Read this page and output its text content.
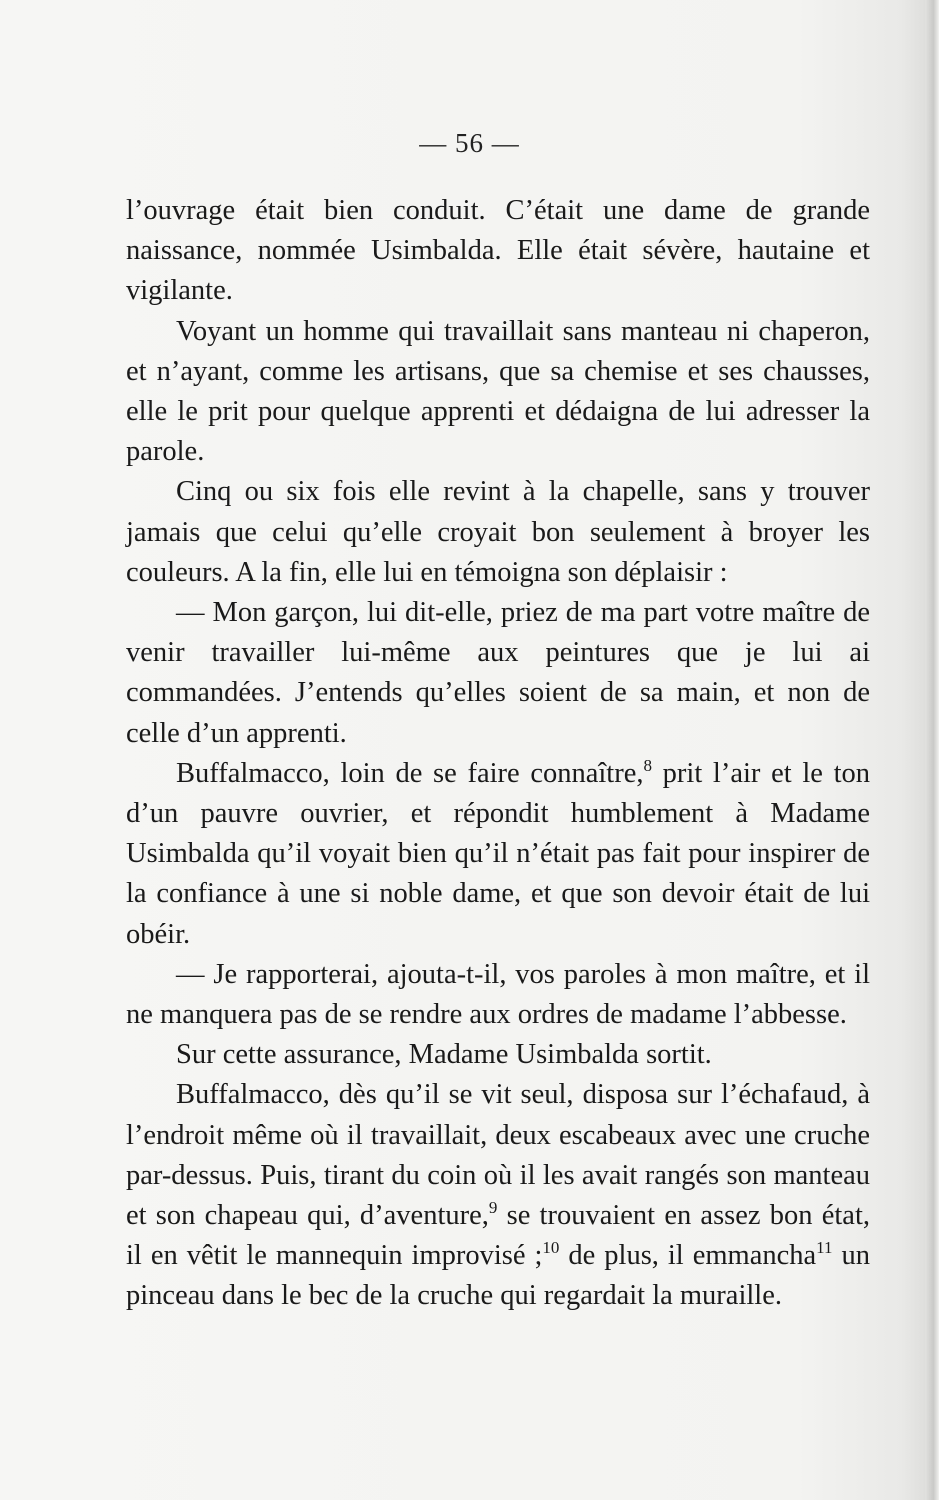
— 56 —

l’ouvrage était bien conduit. C’était une dame de grande naissance, nommée Usimbalda. Elle était sévère, hautaine et vigilante.

Voyant un homme qui travaillait sans manteau ni chaperon, et n’ayant, comme les artisans, que sa chemise et ses chausses, elle le prit pour quelque apprenti et dédaigna de lui adresser la parole.

Cinq ou six fois elle revint à la chapelle, sans y trouver jamais que celui qu’elle croyait bon seulement à broyer les couleurs. A la fin, elle lui en témoigna son déplaisir :

— Mon garçon, lui dit-elle, priez de ma part votre maître de venir travailler lui-même aux peintures que je lui ai commandées. J’entends qu’elles soient de sa main, et non de celle d’un apprenti.

Buffalmacco, loin de se faire connaître,$^8$ prit l’air et le ton d’un pauvre ouvrier, et répondit humblement à Madame Usimbalda qu’il voyait bien qu’il n’était pas fait pour inspirer de la confiance à une si noble dame, et que son devoir était de lui obéir.

— Je rapporterai, ajouta-t-il, vos paroles à mon maître, et il ne manquera pas de se rendre aux ordres de madame l’abbesse.

Sur cette assurance, Madame Usimbalda sortit.

Buffalmacco, dès qu’il se vit seul, disposa sur l’échafaud, à l’endroit même où il travaillait, deux escabeaux avec une cruche par-dessus. Puis, tirant du coin où il les avait rangés son manteau et son chapeau qui, d’aventure,$^9$ se trouvaient en assez bon état, il en vêtit le mannequin improvisé ;$^{10}$ de plus, il emmancha$^{11}$ un pinceau dans le bec de la cruche qui regardait la muraille.
